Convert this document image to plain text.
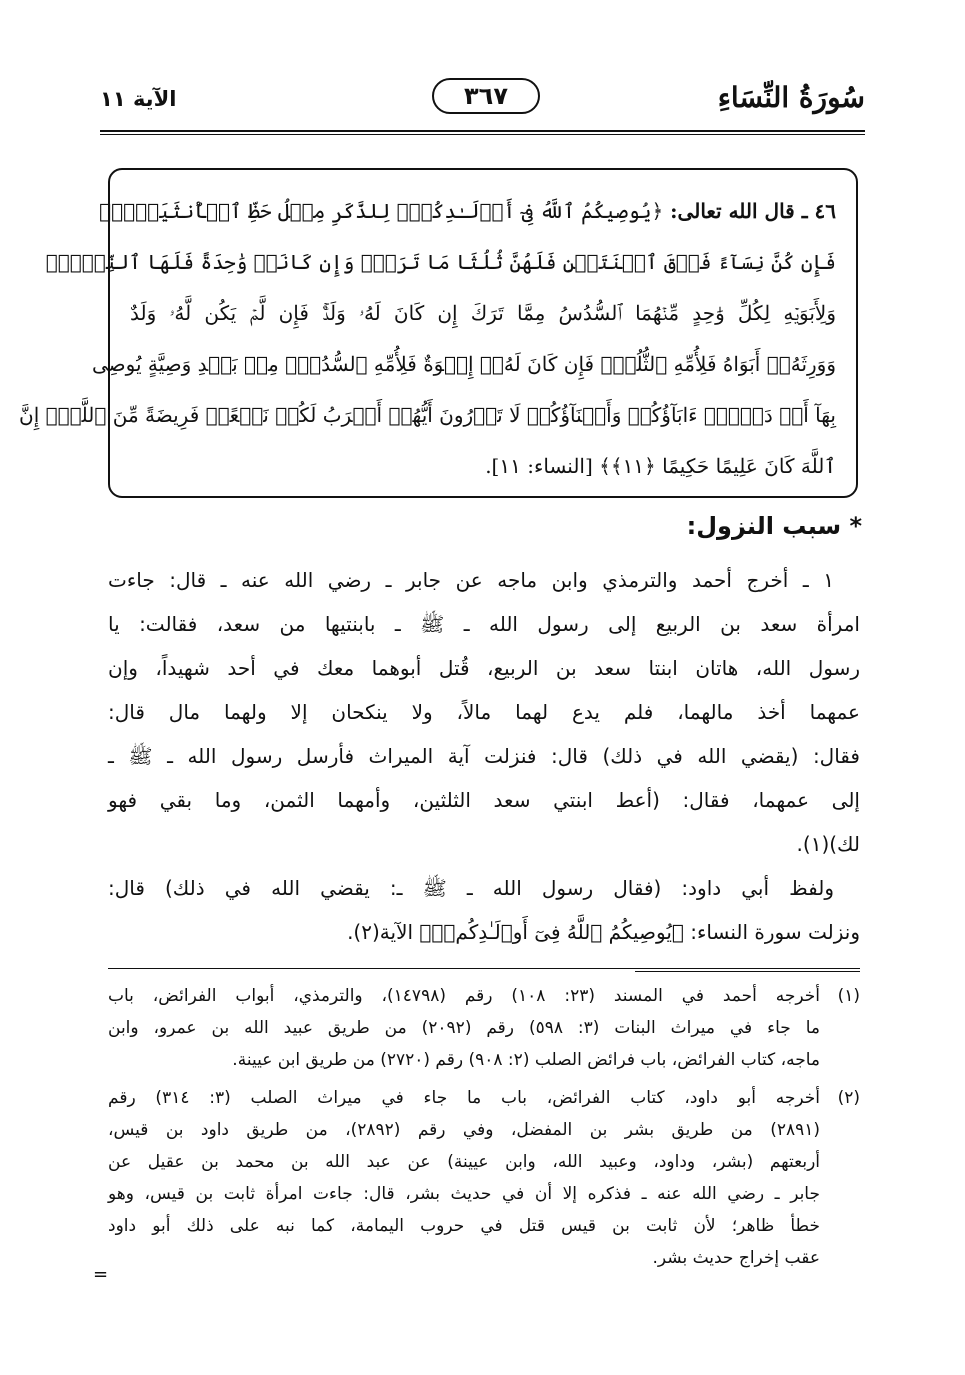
سُورَةُ النِّسَاءِ
٣٦٧
الآية ١١
٤٦ ـ قال الله تعالى: ﴿يُوصِيكُمُ ٱللَّهُ فِىٓ أَوۡلَـٰدِكُمۡۖ لِلذَّكَرِ مِثۡلُ حَظِّ ٱلۡأُنثَيَيۡنِۚ
فَإِن كُنَّ نِسَآءً فَوۡقَ ٱثۡنَتَيۡنِ فَلَهُنَّ ثُلُثَا مَا تَرَكَۖ وَإِن كَانَتۡ وَٰحِدَةً فَلَهَا ٱلنِّصۡفُۚ
وَلِأَبَوَيۡهِ لِكُلِّ وَٰحِدٍ مِّنۡهُمَا ٱلسُّدُسُ مِمَّا تَرَكَ إِن كَانَ لَهُۥ وَلَدٌۚ فَإِن لَّمۡ يَكُن لَّهُۥ وَلَدٌ
وَوَرِثَهُۥٓ أَبَوَاهُ فَلِأُمِّهِ ٱلثُّلُثُۚ فَإِن كَانَ لَهُۥٓ إِخۡوَةٌ فَلِأُمِّهِ ٱلسُّدُسُۚ مِنۢ بَعۡدِ وَصِيَّةٍ يُوصِى
بِهَآ أَوۡ دَيۡنٍۗ ءَابَآؤُكُمۡ وَأَبۡنَآؤُكُمۡ لَا تَدۡرُونَ أَيُّهُمۡ أَقۡرَبُ لَكُمۡ نَفۡعًاۚ فَرِيضَةً مِّنَ ٱللَّهِۗ إِنَّ
ٱللَّهَ كَانَ عَلِيمًا حَكِيمًا ﴿١١﴾﴾ [النساء: ١١].
* سبب النزول:
١ ـ أخرج أحمد والترمذي وابن ماجه عن جابر ـ رضي الله عنه ـ قال: جاءت
امرأة سعد بن الربيع إلى رسول الله ـ ﷺ ـ بابنتيها من سعد، فقالت: يا
رسول الله، هاتان ابنتا سعد بن الربيع، قُتل أبوهما معك في أحد شهيداً، وإن
عمهما أخذ مالهما، فلم يدع لهما مالاً، ولا ينكحان إلا ولهما مال قال:
فقال: (يقضي الله في ذلك) قال: فنزلت آية الميراث فأرسل رسول الله ـ ﷺ ـ
إلى عمهما، فقال: (أعط ابنتي سعد الثلثين، وأمهما الثمن، وما بقي فهو
لك)(١).
ولفظ أبي داود: (فقال رسول الله ـ ﷺ ـ: يقضي الله في ذلك) قال:
ونزلت سورة النساء: ﴿يُوصِيكُمُ ٱللَّهُ فِىٓ أَوۡلَـٰدِكُمۡۖ﴾ الآية(٢).
(١)
أخرجه أحمد في المسند (٢٣: ١٠٨) رقم (١٤٧٩٨)، والترمذي، أبواب الفرائض، باب
ما جاء في ميراث البنات (٣: ٥٩٨) رقم (٢٠٩٢) من طريق عبيد الله بن عمرو، وابن
ماجه، كتاب الفرائض، باب فرائض الصلب (٢: ٩٠٨) رقم (٢٧٢٠) من طريق ابن عيينة.
(٢)
أخرجه أبو داود، كتاب الفرائض، باب ما جاء في ميراث الصلب (٣: ٣١٤) رقم
(٢٨٩١) من طريق بشر بن المفضل، وفي رقم (٢٨٩٢)، من طريق داود بن قيس،
أربعتهم (بشر، وداود، وعبيد الله، وابن عيينة) عن عبد الله بن محمد بن عقيل عن
جابر ـ رضي الله عنه ـ فذكره إلا أن في حديث بشر، قال: جاءت امرأة ثابت بن قيس، وهو
خطأ ظاهر؛ لأن ثابت بن قيس قتل في حروب اليمامة، كما نبه على ذلك أبو داود
عقب إخراج حديث بشر.
=
